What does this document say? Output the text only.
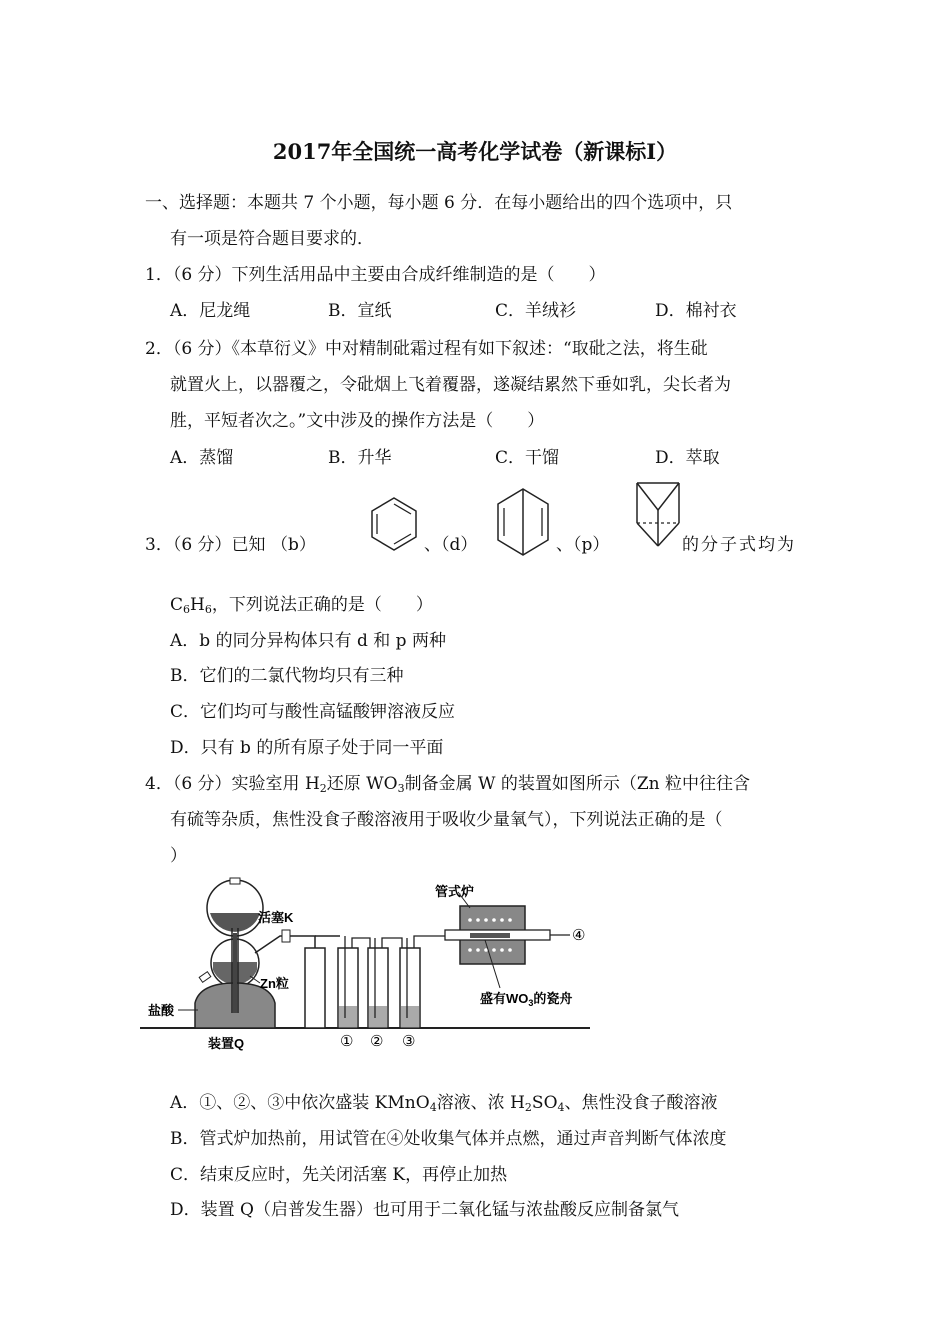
2017年全国统一高考化学试卷（新课标Ⅰ）
一、选择题：本题共 7 个小题，每小题 6 分．在每小题给出的四个选项中，只
有一项是符合题目要求的．
1．（6 分）下列生活用品中主要由合成纤维制造的是（　　）
A．尼龙绳	B．宣纸	C．羊绒衫	D．棉衬衣
2．（6 分）《本草衍义》中对精制砒霜过程有如下叙述：“取砒之法，将生砒
就置火上，以器覆之，令砒烟上飞着覆器，遂凝结累然下垂如乳，尖长者为
胜，平短者次之。”文中涉及的操作方法是（　　）
A．蒸馏	B．升华	C．干馏	D．萃取
3．（6 分）已知 （b）	、（d）	、（p）	的分子式均为
$C_6H_6$，下列说法正确的是（　　）
A．b 的同分异构体只有 d 和 p 两种
B．它们的二氯代物均只有三种
C．它们均可与酸性高锰酸钾溶液反应
D．只有 b 的所有原子处于同一平面
4．（6 分）实验室用 $H_2$还原 $WO_3$制备金属 W 的装置如图所示（Zn 粒中往往含
有硫等杂质，焦性没食子酸溶液用于吸收少量氧气），下列说法正确的是（
）
活塞K
Zn粒
盐酸
装置Q	① ② ③
管式炉
④
盛有$WO_3$的瓷舟
A．①、②、③中依次盛装 KMnO$_4$溶液、浓 $H_2SO_4$、焦性没食子酸溶液
B．管式炉加热前，用试管在④处收集气体并点燃，通过声音判断气体浓度
C．结束反应时，先关闭活塞 K，再停止加热
D．装置 Q（启普发生器）也可用于二氧化锰与浓盐酸反应制备氯气
